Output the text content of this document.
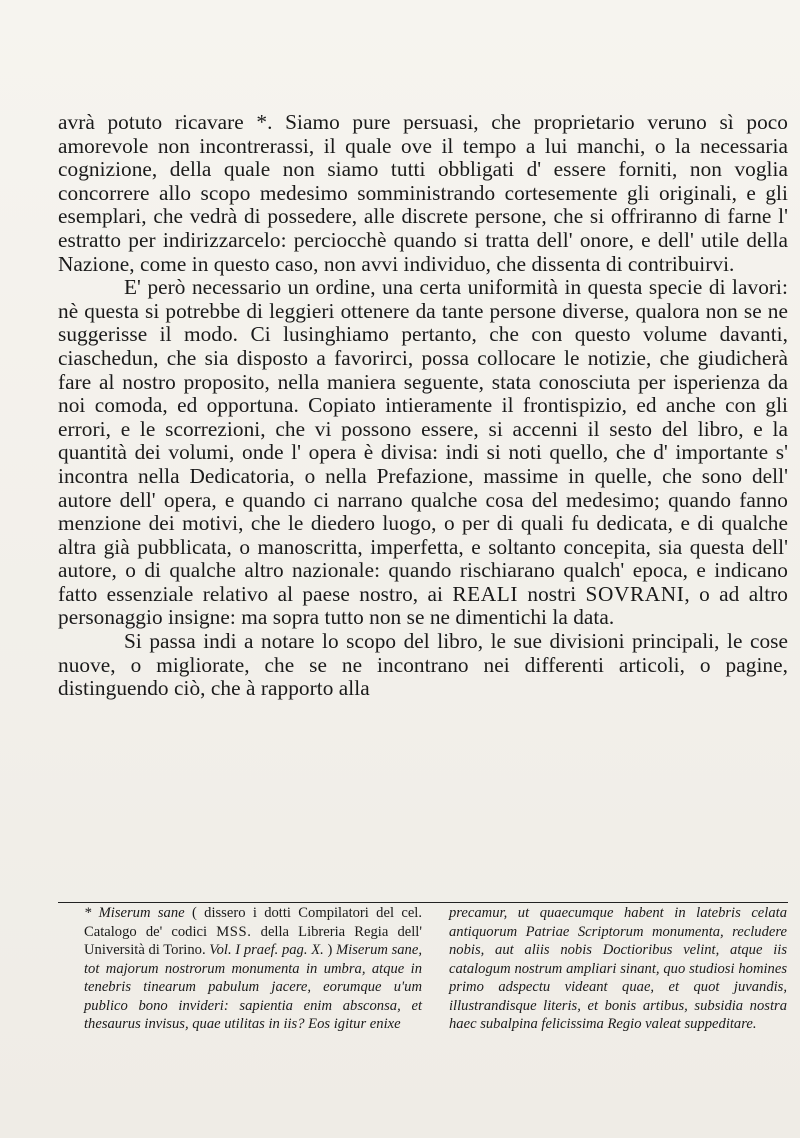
avrà potuto ricavare *. Siamo pure persuasi, che proprietario veruno sì poco amorevole non incontrerassi, il quale ove il tempo a lui manchi, o la necessaria cognizione, della quale non siamo tutti obbligati d' essere forniti, non voglia concorrere allo scopo medesimo somministrando cortesemente gli originali, e gli esemplari, che vedrà di possedere, alle discrete persone, che si offriranno di farne l' estratto per indirizzarcelo: perciocchè quando si tratta dell' onore, e dell' utile della Nazione, come in questo caso, non avvi individuo, che dissenta di contribuirvi.

E' però necessario un ordine, una certa uniformità in questa specie di lavori: nè questa si potrebbe di leggieri ottenere da tante persone diverse, qualora non se ne suggerisse il modo. Ci lusinghiamo pertanto, che con questo volume davanti, ciaschedun, che sia disposto a favorirci, possa collocare le notizie, che giudicherà fare al nostro proposito, nella maniera seguente, stata conosciuta per isperienza da noi comoda, ed opportuna. Copiato intieramente il frontispizio, ed anche con gli errori, e le scorrezioni, che vi possono essere, si accenni il sesto del libro, e la quantità dei volumi, onde l' opera è divisa: indi si noti quello, che d' importante s' incontra nella Dedicatoria, o nella Prefazione, massime in quelle, che sono dell' autore dell' opera, e quando ci narrano qualche cosa del medesimo; quando fanno menzione dei motivi, che le diedero luogo, o per di quali fu dedicata, e di qualche altra già pubblicata, o manoscritta, imperfetta, e soltanto concepita, sia questa dell' autore, o di qualche altro nazionale: quando rischiarano qualch' epoca, e indicano fatto essenziale relativo al paese nostro, ai REALI nostri SOVRANI, o ad altro personaggio insigne: ma sopra tutto non se ne dimentichi la data.

Si passa indi a notare lo scopo del libro, le sue divisioni principali, le cose nuove, o migliorate, che se ne incontrano nei differenti articoli, o pagine, distinguendo ciò, che à rapporto alla

* Miserum sane ( dissero i dotti Compilatori del cel. Catalogo de' codici MSS. della Libreria Regia dell' Università di Torino. Vol. I praef. pag. X. ) Miserum sane, tot majorum nostrorum monumenta in umbra, atque in tenebris tinearum pabulum jacere, eorumque u'um publico bono invideri: sapientia enim absconsa, et thesaurus invisus, quae utilitas in iis? Eos igitur enixe
precamur, ut quaecumque habent in latebris celata antiquorum Patriae Scriptorum monumenta, recludere nobis, aut aliis nobis Doctioribus velint, atque iis catalogum nostrum ampliari sinant, quo studiosi homines primo adspectu videant quae, et quot juvandis, illustrandisque literis, et bonis artibus, subsidia nostra haec subalpina felicissima Regio valeat suppeditare.
